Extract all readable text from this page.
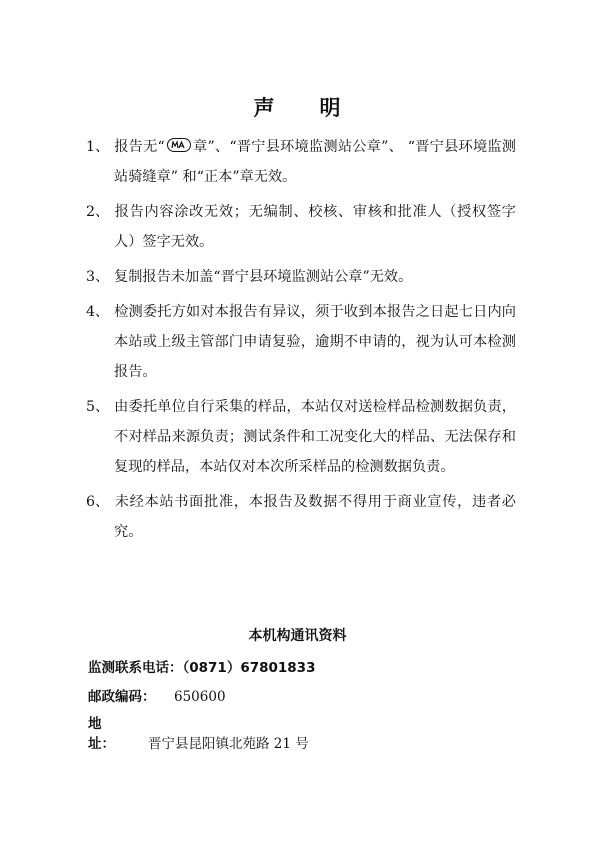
声 明
1、 报告无“ 章”、“晋宁县环境监测站公章”、 “晋宁县环境监测站骑缝章” 和“正本”章无效。
2、 报告内容涂改无效；无编制、校核、审核和批准人（授权签字人）签字无效。
3、 复制报告未加盖“晋宁县环境监测站公章”无效。
4、 检测委托方如对本报告有异议，须于收到本报告之日起七日内向本站或上级主管部门申请复验，逾期不申请的，视为认可本检测报告。
5、 由委托单位自行采集的样品，本站仅对送检样品检测数据负责，不对样品来源负责；测试条件和工况变化大的样品、无法保存和复现的样品，本站仅对本次所采样品的检测数据负责。
6、 未经本站书面批准，本报告及数据不得用于商业宣传，违者必究。
本机构通讯资料
监测联系电话：（0871）67801833
邮政编码： 650600
地址： 晋宁县昆阳镇北苑路 21 号
